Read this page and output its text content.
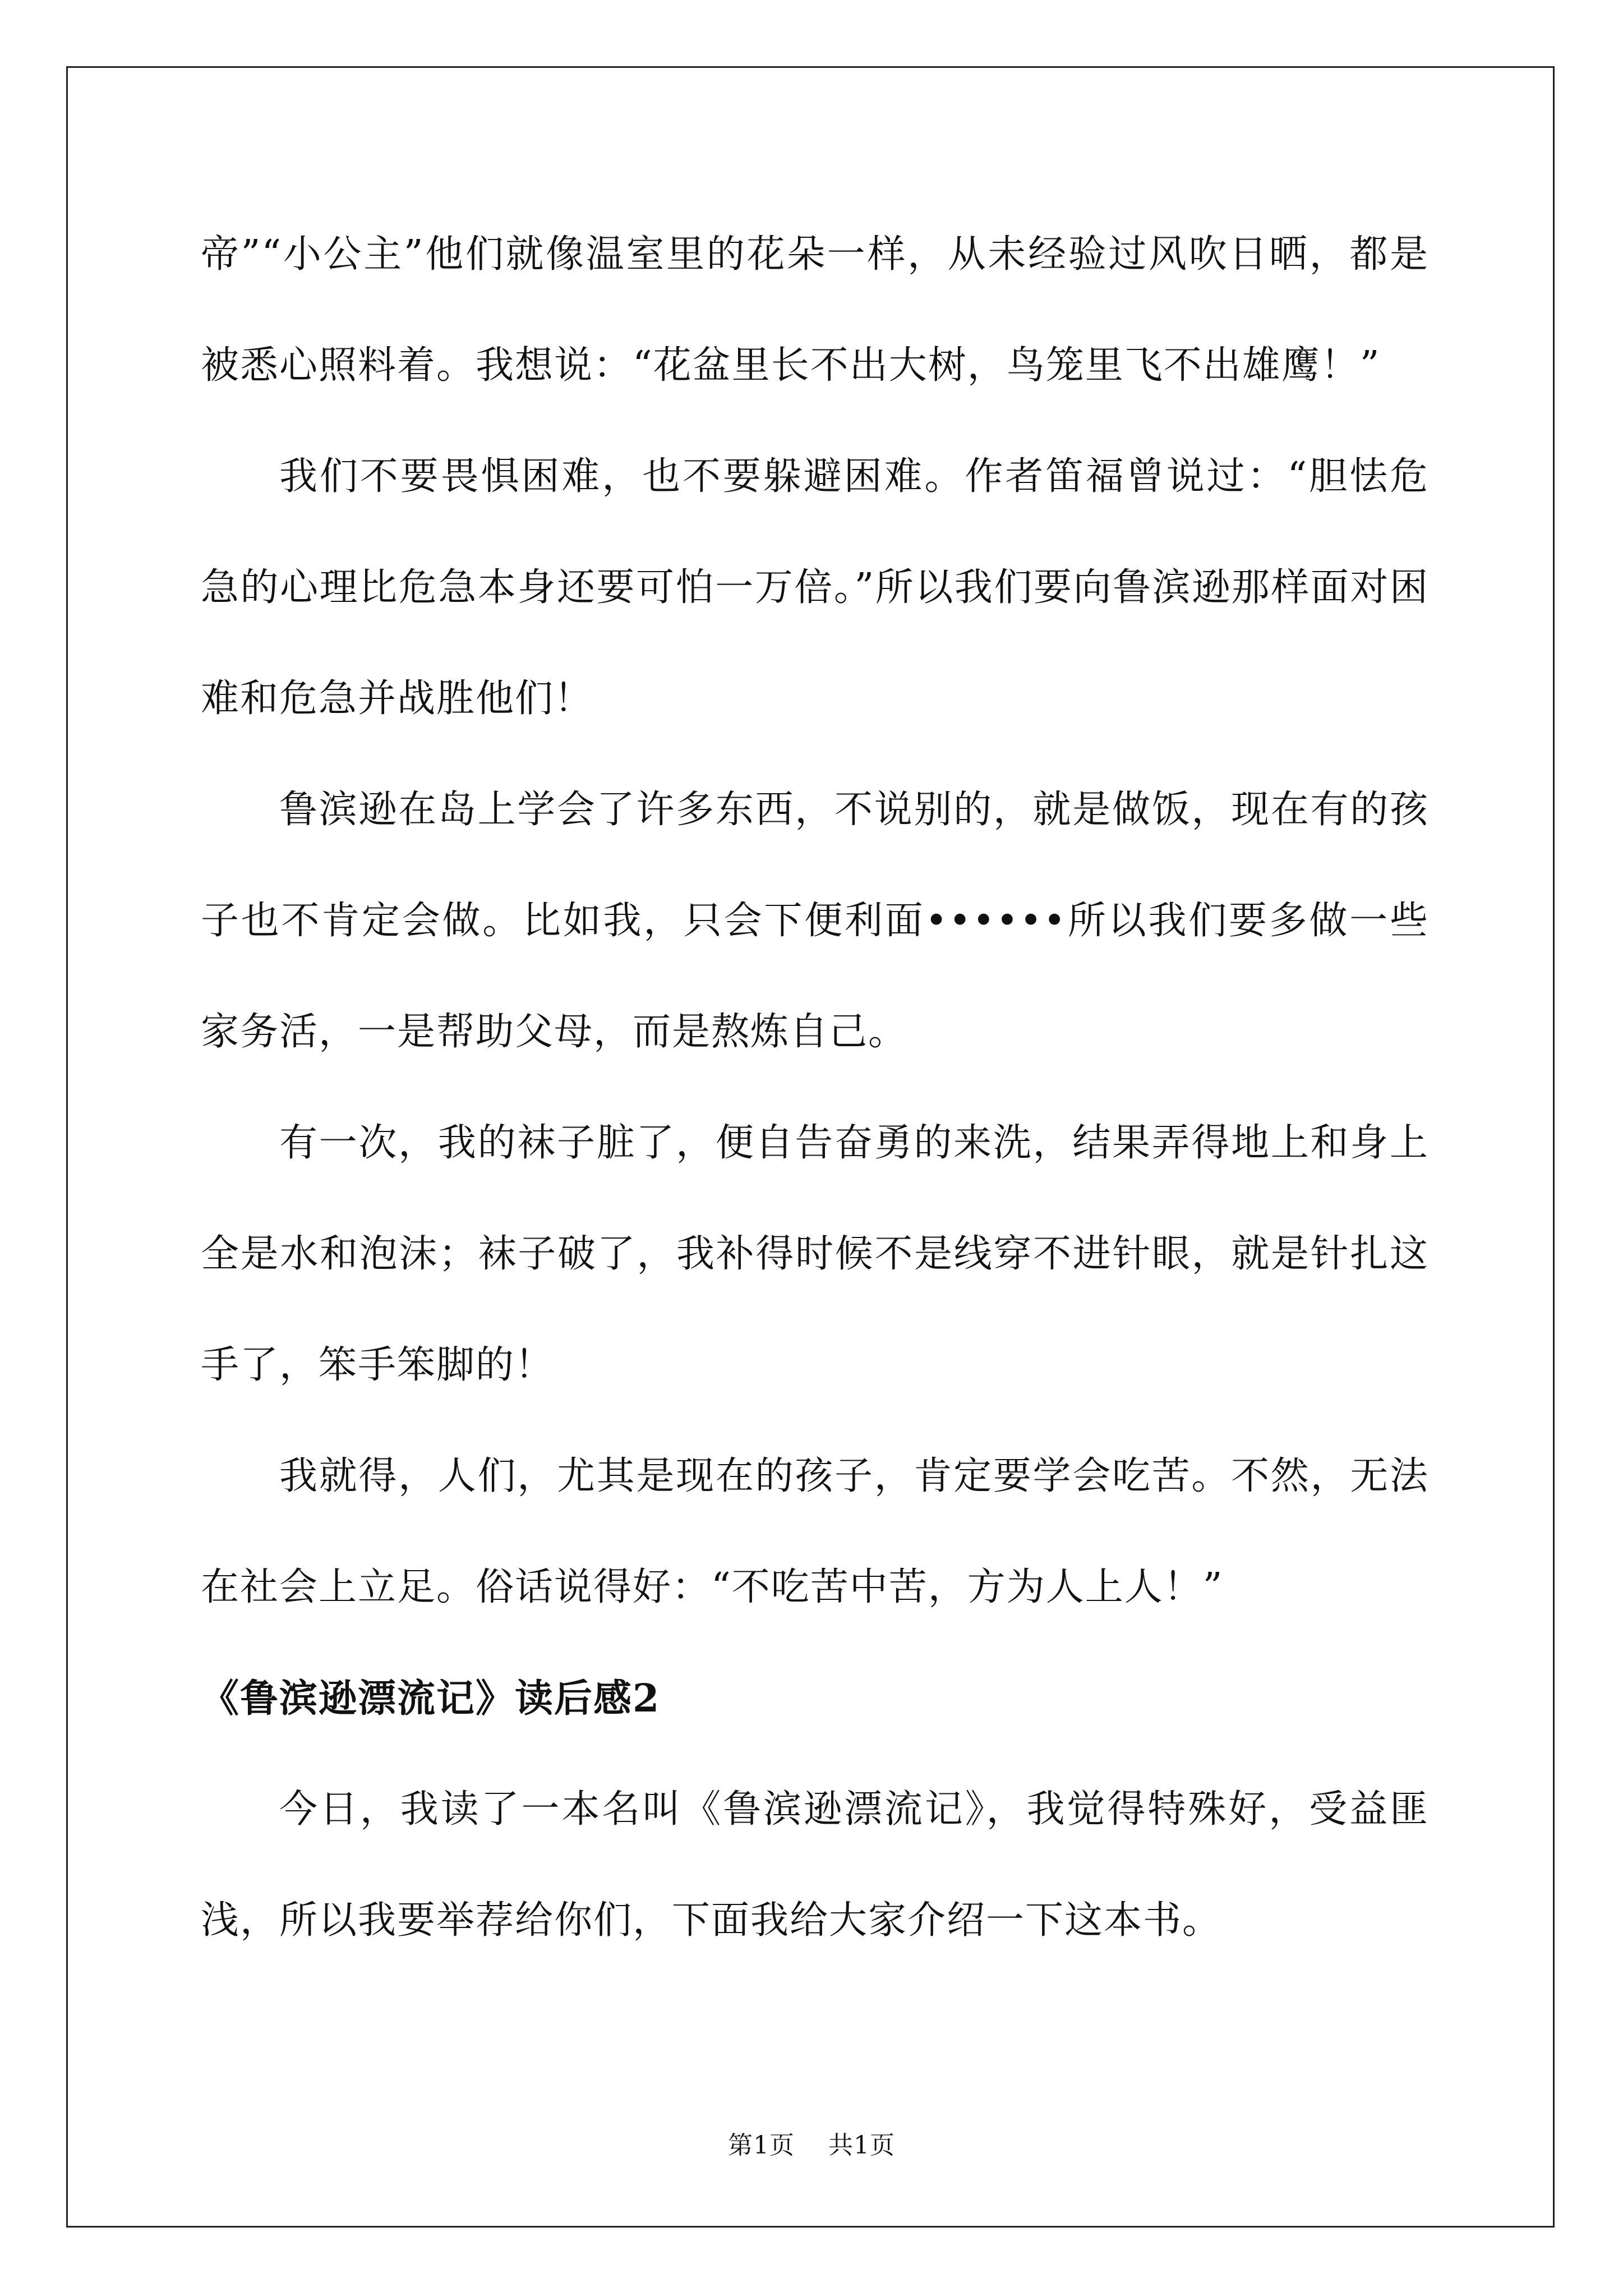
帝”“小公主”他们就像温室里的花朵一样，从未经验过风吹日晒，都是被悉心照料着。我想说：“花盆里长不出大树，鸟笼里飞不出雄鹰！”

我们不要畏惧困难，也不要躲避困难。作者笛福曾说过：“胆怯危急的心理比危急本身还要可怕一万倍。”所以我们要向鲁滨逊那样面对困难和危急并战胜他们！

鲁滨逊在岛上学会了许多东西，不说别的，就是做饭，现在有的孩子也不肯定会做。比如我，只会下便利面••••••所以我们要多做一些家务活，一是帮助父母，而是熬炼自己。

有一次，我的袜子脏了，便自告奋勇的来洗，结果弄得地上和身上全是水和泡沫；袜子破了，我补得时候不是线穿不进针眼，就是针扎这手了，笨手笨脚的！

我就得，人们，尤其是现在的孩子，肯定要学会吃苦。不然，无法在社会上立足。俗话说得好：“不吃苦中苦，方为人上人！”

《鲁滨逊漂流记》读后感2

今日，我读了一本名叫《鲁滨逊漂流记》，我觉得特殊好，受益匪浅，所以我要举荐给你们，下面我给大家介绍一下这本书。

第1页 共1页
